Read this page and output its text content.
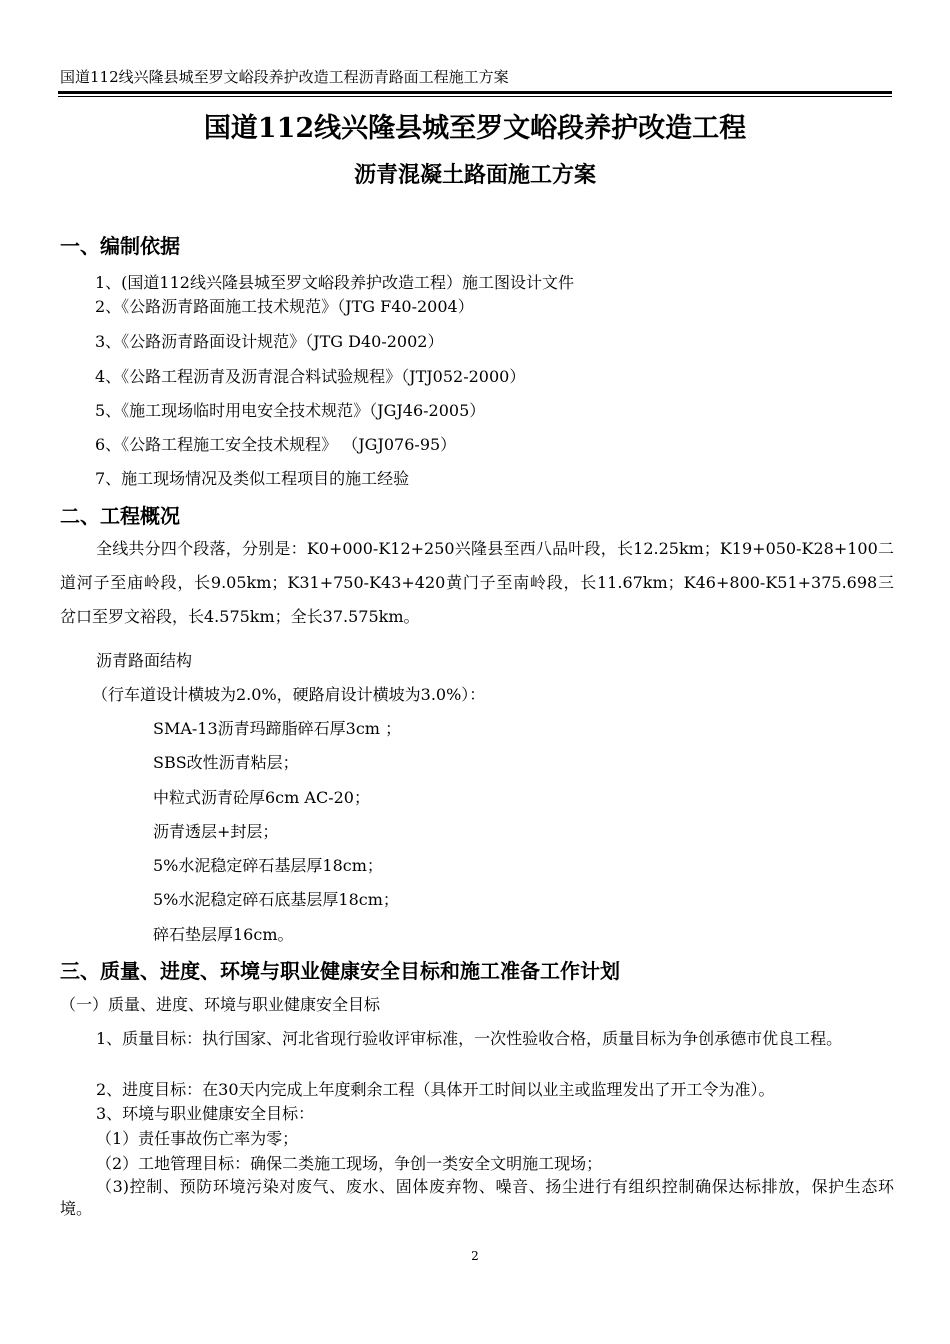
国道112线兴隆县城至罗文峪段养护改造工程沥青路面工程施工方案
国道112线兴隆县城至罗文峪段养护改造工程
沥青混凝土路面施工方案
一、编制依据
1、(国道112线兴隆县城至罗文峪段养护改造工程）施工图设计文件
2、《公路沥青路面施工技术规范》（JTG F40-2004）
3、《公路沥青路面设计规范》（JTG D40-2002）
4、《公路工程沥青及沥青混合料试验规程》（JTJ052-2000）
5、《施工现场临时用电安全技术规范》（JGJ46-2005）
6、《公路工程施工安全技术规程》 （JGJ076-95）
7、施工现场情况及类似工程项目的施工经验
二、工程概况
全线共分四个段落，分别是：K0+000-K12+250兴隆县至西八品叶段，长12.25km；K19+050-K28+100二道河子至庙岭段，长9.05km；K31+750-K43+420黄门子至南岭段，长11.67km；K46+800-K51+375.698三岔口至罗文裕段，长4.575km；全长37.575km。
沥青路面结构
（行车道设计横坡为2.0%，硬路肩设计横坡为3.0%）：
SMA-13沥青玛蹄脂碎石厚3cm ；
SBS改性沥青粘层；
中粒式沥青砼厚6cm AC-20；
沥青透层+封层；
5%水泥稳定碎石基层厚18cm；
5%水泥稳定碎石底基层厚18cm；
碎石垫层厚16cm。
三、质量、进度、环境与职业健康安全目标和施工准备工作计划
（一）质量、进度、环境与职业健康安全目标
1、质量目标：执行国家、河北省现行验收评审标准，一次性验收合格，质量目标为争创承德市优良工程。
2、进度目标：在30天内完成上年度剩余工程（具体开工时间以业主或监理发出了开工令为准）。
3、环境与职业健康安全目标：
（1）责任事故伤亡率为零；
（2）工地管理目标：确保二类施工现场，争创一类安全文明施工现场；
（3)控制、预防环境污染对废气、废水、固体废弃物、噪音、扬尘进行有组织控制确保达标排放，保护生态环境。
2
